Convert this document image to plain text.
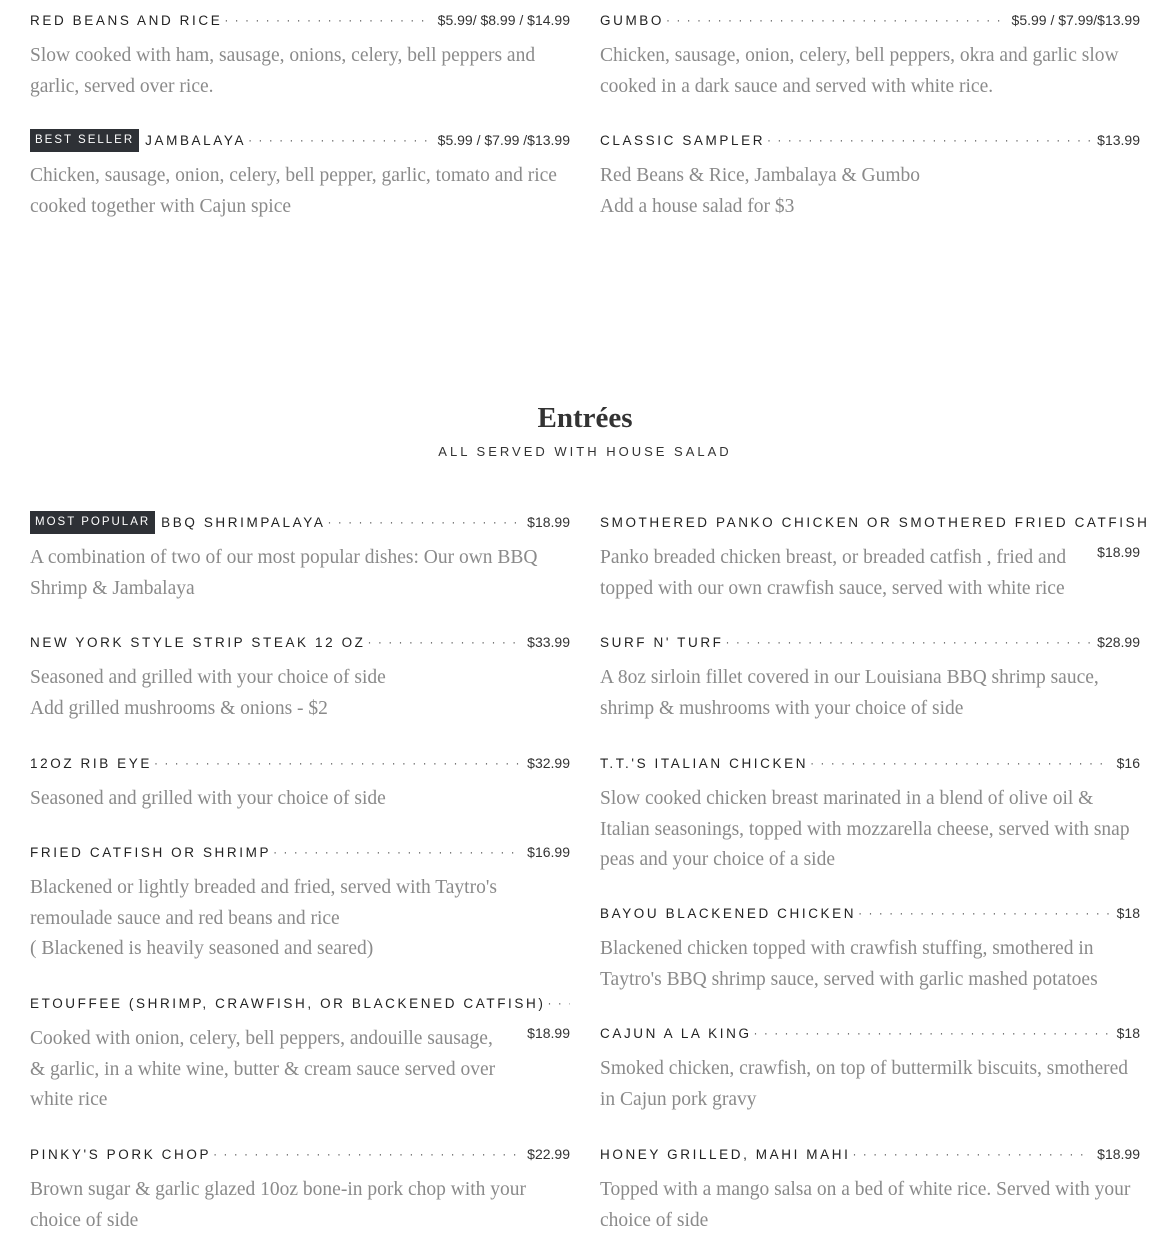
RED BEANS AND RICE · · ·	$5.99/ $8.99 / $14.99

Slow cooked with ham, sausage, onions, celery, bell peppers and garlic, served over rice.

BEST SELLER JAMBALAYA · · ·	$5.99 / $7.99 /$13.99

Chicken, sausage, onion, celery, bell pepper, garlic, tomato and rice cooked together with Cajun spice

GUMBO · · ·	$5.99 / $7.99/$13.99

Chicken, sausage, onion, celery, bell peppers, okra and garlic slow cooked in a dark sauce and served with white rice.

CLASSIC SAMPLER · · ·	$13.99

Red Beans & Rice, Jambalaya & Gumbo

Add a house salad for $3

Entrées
ALL SERVED WITH HOUSE SALAD
MOST POPULAR BBQ SHRIMPALAYA · · ·	$18.99

A combination of two of our most popular dishes: Our own BBQ Shrimp & Jambalaya

NEW YORK STYLE STRIP STEAK 12 OZ · · ·	$33.99

Seasoned and grilled with your choice of side

Add grilled mushrooms & onions - $2

12OZ RIB EYE · · ·	$32.99

Seasoned and grilled with your choice of side

FRIED CATFISH OR SHRIMP · · ·	$16.99

Blackened or lightly breaded and fried, served with Taytro's remoulade sauce and red beans and rice

( Blackened is heavily seasoned and seared)

ETOUFFEE (SHRIMP, CRAWFISH, OR BLACKENED CATFISH)
· · ·
$18.99

Cooked with onion, celery, bell peppers, andouille sausage, & garlic, in a white wine, butter & cream sauce served over white rice

PINKY'S PORK CHOP · · ·	$22.99

Brown sugar & garlic glazed 10oz bone-in pork chop with your choice of side

SMOTHERED PANKO CHICKEN OR SMOTHERED FRIED CATFISH
$18.99

Panko breaded chicken breast, or breaded catfish , fried and topped with our own crawfish sauce, served with white rice

SURF N' TURF · · ·	$28.99

A 8oz sirloin fillet covered in our Louisiana BBQ shrimp sauce, shrimp & mushrooms with your choice of side

T.T.'S ITALIAN CHICKEN · · ·	$16

Slow cooked chicken breast marinated in a blend of olive oil & Italian seasonings, topped with mozzarella cheese, served with snap peas and your choice of a side

BAYOU BLACKENED CHICKEN · · ·	$18

Blackened chicken topped with crawfish stuffing, smothered in Taytro's BBQ shrimp sauce, served with garlic mashed potatoes

CAJUN A LA KING · · ·	$18

Smoked chicken, crawfish, on top of buttermilk biscuits, smothered in Cajun pork gravy

HONEY GRILLED, MAHI MAHI · · ·	$18.99

Topped with a mango salsa on a bed of white rice. Served with your choice of side
